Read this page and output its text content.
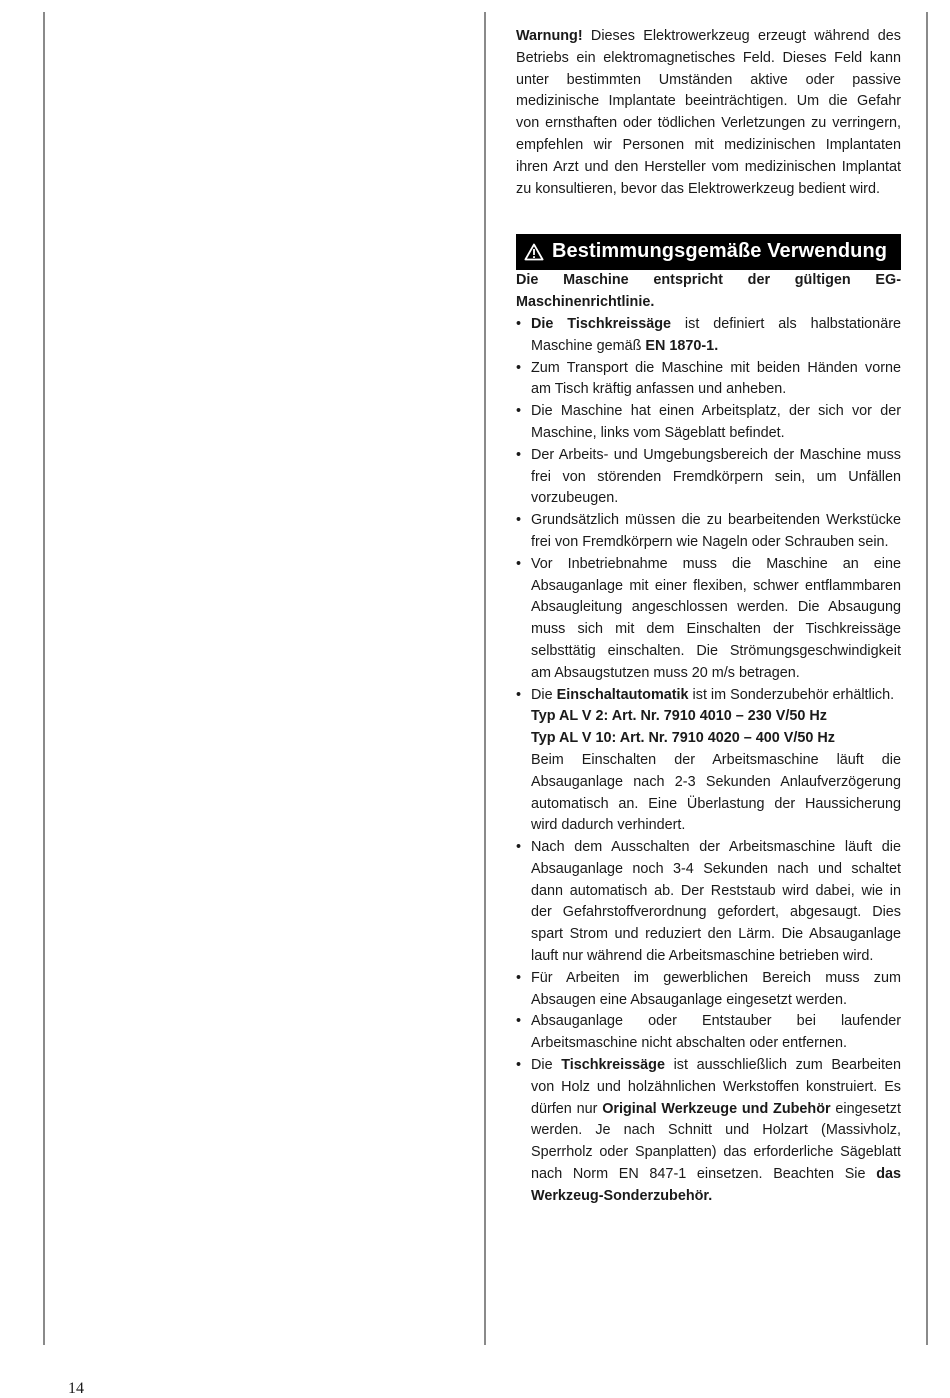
Warnung! Dieses Elektrowerkzeug erzeugt während des Betriebs ein elektromagnetisches Feld. Dieses Feld kann unter bestimmten Umständen aktive oder passive medizinische Implantate beeinträchtigen. Um die Gefahr von ernsthaften oder tödlichen Verletzungen zu verringern, empfehlen wir Personen mit medizinischen Implantaten ihren Arzt und den Hersteller vom medizinischen Implantat zu konsultieren, bevor das Elektrowerkzeug bedient wird.

Bestimmungsgemäße Verwendung

Die Maschine entspricht der gültigen EG-Maschinenrichtlinie.

• Die Tischkreissäge ist definiert als halbstationäre Maschine gemäß EN 1870-1.
• Zum Transport die Maschine mit beiden Händen vorne am Tisch kräftig anfassen und anheben.
• Die Maschine hat einen Arbeitsplatz, der sich vor der Maschine, links vom Sägeblatt befindet.
• Der Arbeits- und Umgebungsbereich der Maschine muss frei von störenden Fremdkörpern sein, um Unfällen vorzubeugen.
• Grundsätzlich müssen die zu bearbeitenden Werkstücke frei von Fremdkörpern wie Nageln oder Schrauben sein.
• Vor Inbetriebnahme muss die Maschine an eine Absauganlage mit einer flexiben, schwer entflammbaren Absaugleitung angeschlossen werden. Die Absaugung muss sich mit dem Einschalten der Tischkreissäge selbsttätig einschalten. Die Strömungsgeschwindigkeit am Absaugstutzen muss 20 m/s betragen.
• Die Einschaltautomatik ist im Sonderzubehör erhältlich.
Typ AL V 2: Art. Nr. 7910 4010 – 230 V/50 Hz
Typ AL V 10: Art. Nr. 7910 4020 – 400 V/50 Hz
Beim Einschalten der Arbeitsmaschine läuft die Absauganlage nach 2-3 Sekunden Anlaufverzögerung automatisch an. Eine Überlastung der Haussicherung wird dadurch verhindert.
• Nach dem Ausschalten der Arbeitsmaschine läuft die Absauganlage noch 3-4 Sekunden nach und schaltet dann automatisch ab. Der Reststaub wird dabei, wie in der Gefahrstoffverordnung gefordert, abgesaugt. Dies spart Strom und reduziert den Lärm. Die Absauganlage lauft nur während die Arbeitsmaschine betrieben wird.
• Für Arbeiten im gewerblichen Bereich muss zum Absaugen eine Absauganlage eingesetzt werden.
• Absauganlage oder Entstauber bei laufender Arbeitsmaschine nicht abschalten oder entfernen.
• Die Tischkreissäge ist ausschließlich zum Bearbeiten von Holz und holzähnlichen Werkstoffen konstruiert. Es dürfen nur Original Werkzeuge und Zubehör eingesetzt werden. Je nach Schnitt und Holzart (Massivholz, Sperrholz oder Spanplatten) das erforderliche Sägeblatt nach Norm EN 847-1 einsetzen. Beachten Sie das Werkzeug-Sonderzubehör.
14
